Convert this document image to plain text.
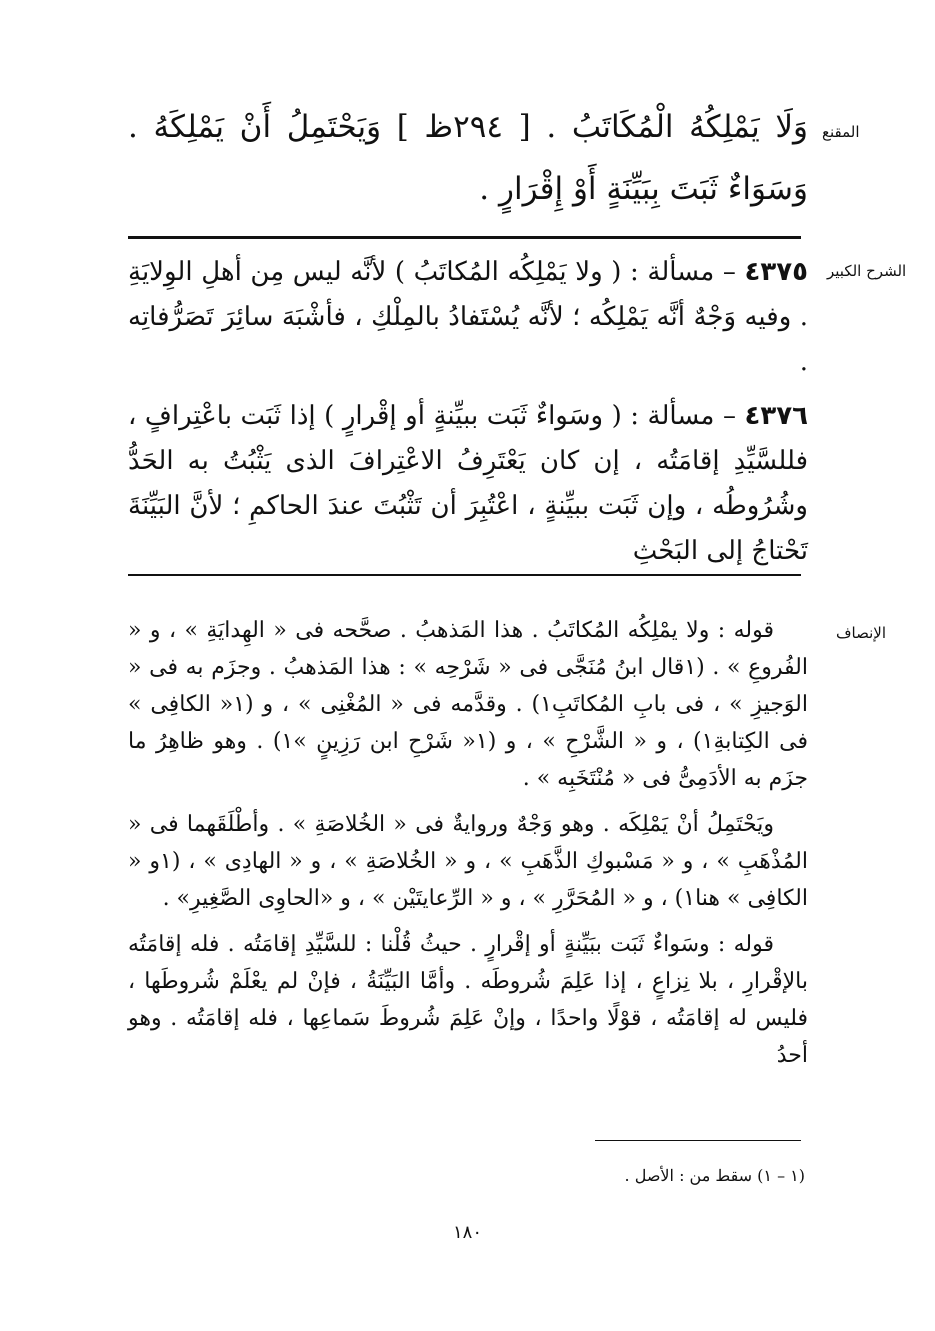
المقنع
وَلَا يَمْلِكُهُ الْمُكَاتَبُ . [ ٢٩٤ظ ] وَيَحْتَمِلُ أَنْ يَمْلِكَهُ . وَسَوَاءٌ ثَبَتَ بِبَيِّنَةٍ أَوْ إِقْرَارٍ .
الشرح الكبير

٤٣٧٥ – مسألة : ( ولا يَمْلِكُه المُكاتَبُ ) لأنَّه ليس مِن أهلِ الوِلايَةِ . وفيه وَجْهٌ أنَّه يَمْلِكُه ؛ لأنَّه يُسْتَفادُ بالمِلْكِ ، فأشْبَهَ سائِرَ تَصَرُّفاتِه .

٤٣٧٦ – مسألة : ( وسَواءٌ ثَبَت ببيِّنةٍ أو إقْرارٍ ) إذا ثَبَت باعْتِرافٍ ، فللسَّيِّدِ إقامَتُه ، إن كان يَعْتَرِفُ الاعْتِرافَ الذى يَثْبُتُ به الحَدُّ وشُرُوطُه ، وإن ثَبَت ببيِّنةٍ ، اعْتُبِرَ أن تَثْبُتَ عندَ الحاكمِ ؛ لأنَّ البَيِّنَةَ تَحْتاجُ إلى البَحْثِ

الإنصاف

قوله : ولا يمْلِكُه المُكاتَبُ . هذا المَذهبُ . صحَّحه فى « الهِدايَةِ » ، و « الفُروعِ » . (١قال ابنُ مُنَجَّى فى « شَرْحِه » : هذا المَذهبُ . وجزَم به فى « الوَجيزِ » ، فى بابِ المُكاتَبِ١) . وقدَّمه فى « المُغْنِى » ، و (١« الكافِى » فى الكِتابةِ١) ، و « الشَّرْحِ » ، و (١« شَرْحِ ابن رَزِينٍ »١) . وهو ظاهِرُ ما جزَم به الأدَمِىُّ فى « مُنْتَخَبِه » .

ويَحْتَمِلُ أنْ يَمْلِكَه . وهو وَجْهٌ وروايةٌ فى « الخُلاصَةِ » . وأطْلَقَهما فى « المُذْهَبِ » ، و « مَسْبوكِ الذَّهَبِ » ، و « الخُلاصَةِ » ، و « الهادِى » ، (١و « الكافِى » هنا١) ، و « المُحَرَّرِ » ، و « الرِّعايتَيْن » ، و «الحاوِى الصَّغِيرِ» .

قوله : وسَواءٌ ثَبَت ببَيِّنةٍ أو إقْرارٍ . حيثُ قُلْنا : للسَّيِّدِ إقامَتُه . فله إقامَتُه بالإقْرارِ ، بلا نِزاعٍ ، إذا عَلِمَ شُروطَه . وأمَّا البَيِّنَةُ ، فإنْ لم يعْلَمْ شُروطَها ، فليس له إقامَتُه ، قوْلًا واحدًا ، وإنْ عَلِمَ شُروطَ سَماعِها ، فله إقامَتُه . وهو أحدُ

(١ – ١) سقط من : الأصل .
١٨٠
